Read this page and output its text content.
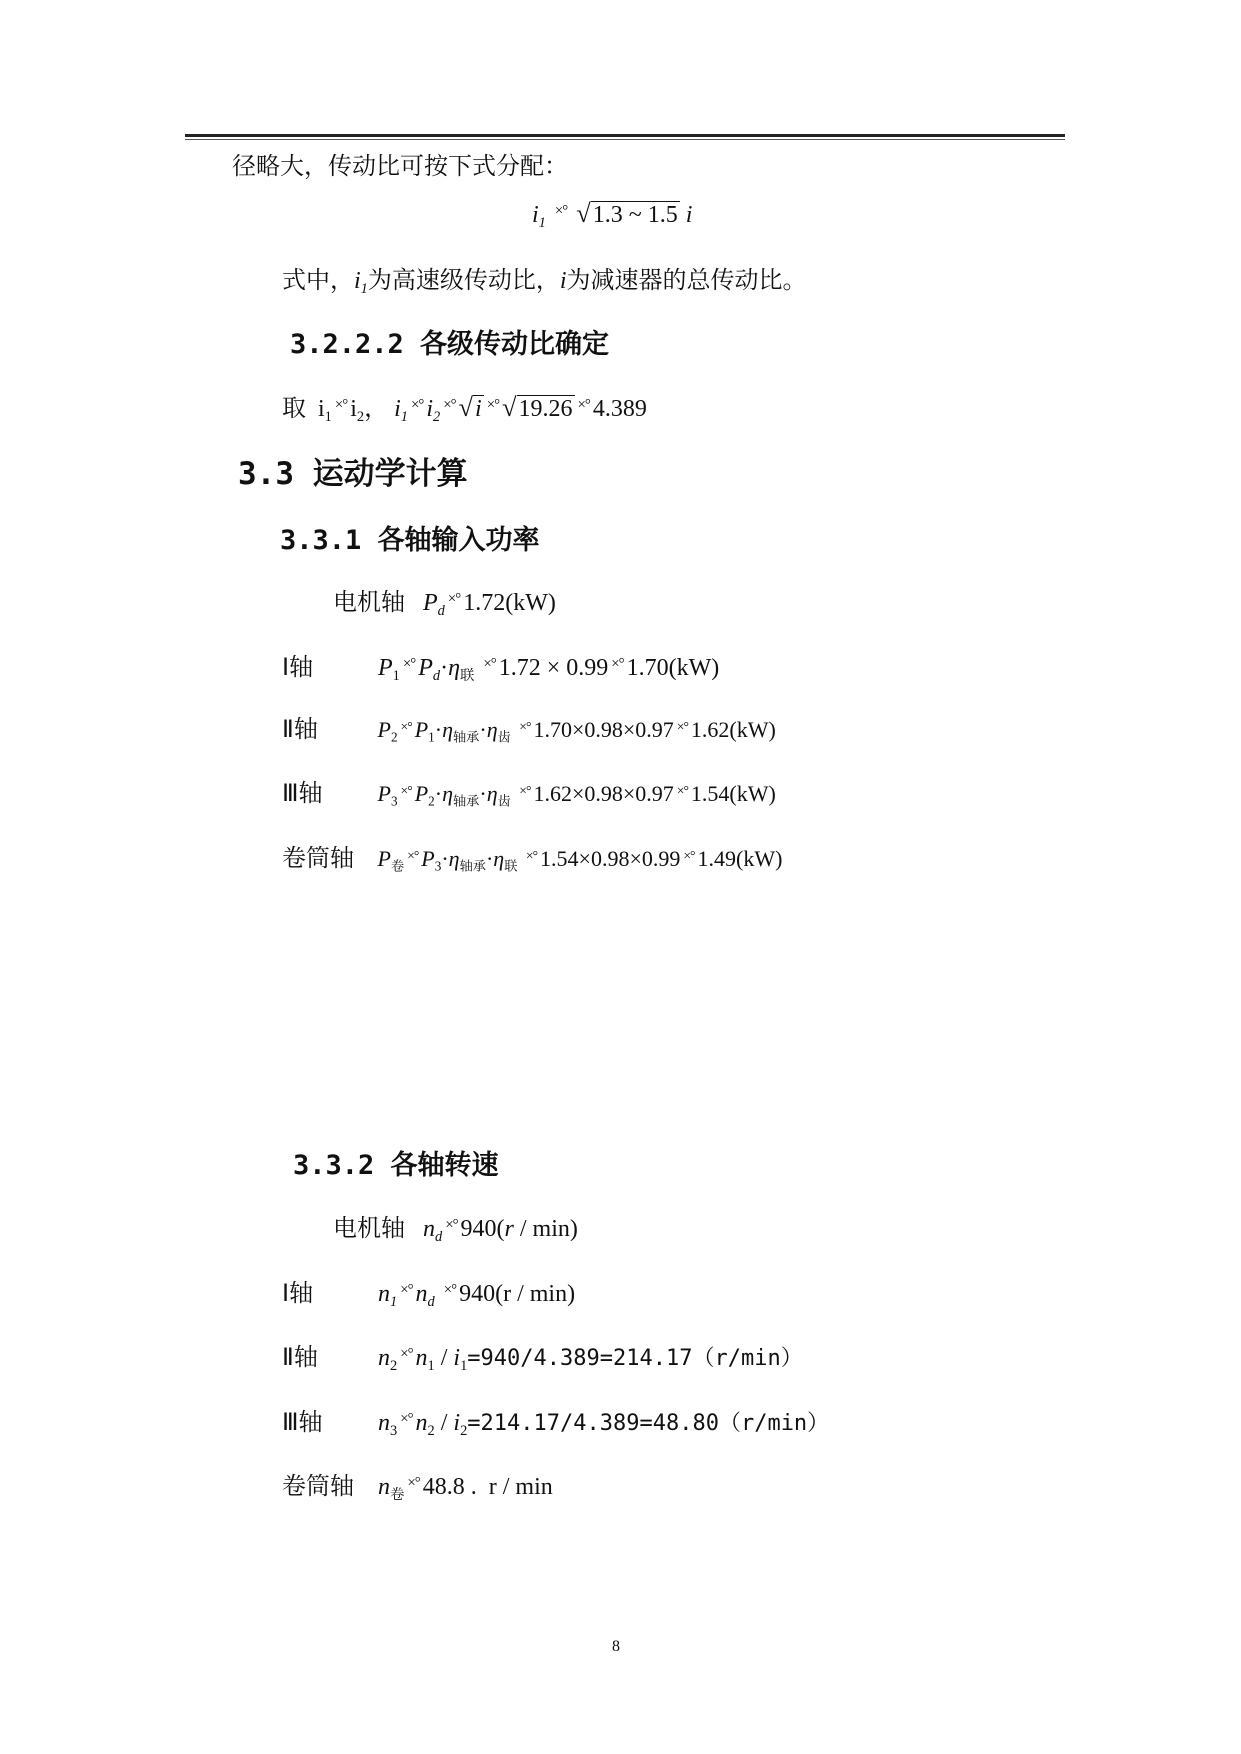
径略大，传动比可按下式分配：
$i_1$ ×° √1.3 ~ 1.5 i
式中，$i_1$为高速级传动比，i为减速器的总传动比。
3.2.2.2 各级传动比确定
取 $i_1^{\times^\circ}$ $i_2$， $i_1^{\times^\circ}$ $i_2^{\times^\circ}$ √i ×° √19.26 ×° 4.389
3.3 运动学计算
3.3.1 各轴输入功率
电机轴 $P_d^{\times^\circ}$ 1.72(kW)
Ⅰ轴	$P_1^{\times^\circ}$ $P_d\cdot\eta_联$ ×° 1.72 × 0.99 ×° 1.70(kW)
Ⅱ轴	$P_2^{\times^\circ}$ $P_1\cdot\eta_{轴承}\cdot\eta_齿$ ×° 1.70×0.98×0.97 ×° 1.62(kW)
Ⅲ轴 $P_3^{\times^\circ}$ $P_2\cdot\eta_{轴承}\cdot\eta_齿$ ×° 1.62×0.98×0.97 ×° 1.54(kW)
卷筒轴 $P_卷^{\times^\circ}$ $P_3\cdot\eta_{轴承}\cdot\eta_联$ ×° 1.54×0.98×0.99 ×° 1.49(kW)
3.3.2 各轴转速
电机轴 $n_d^{\times^\circ}$ 940(r / min)
Ⅰ轴	$n_1^{\times^\circ}$ $n_d$ ×° 940(r / min)
Ⅱ轴	$n_2^{\times^\circ}$ $n_1 / i_1=940/4.389=214.17(r/\min)$
Ⅲ轴 $n_3^{\times^\circ}$ $n_2 / i_2=214.17/4.389=48.80(r/\min)$
卷筒轴 $n_卷^{\times^\circ}$ 48.8 . r / min
8
